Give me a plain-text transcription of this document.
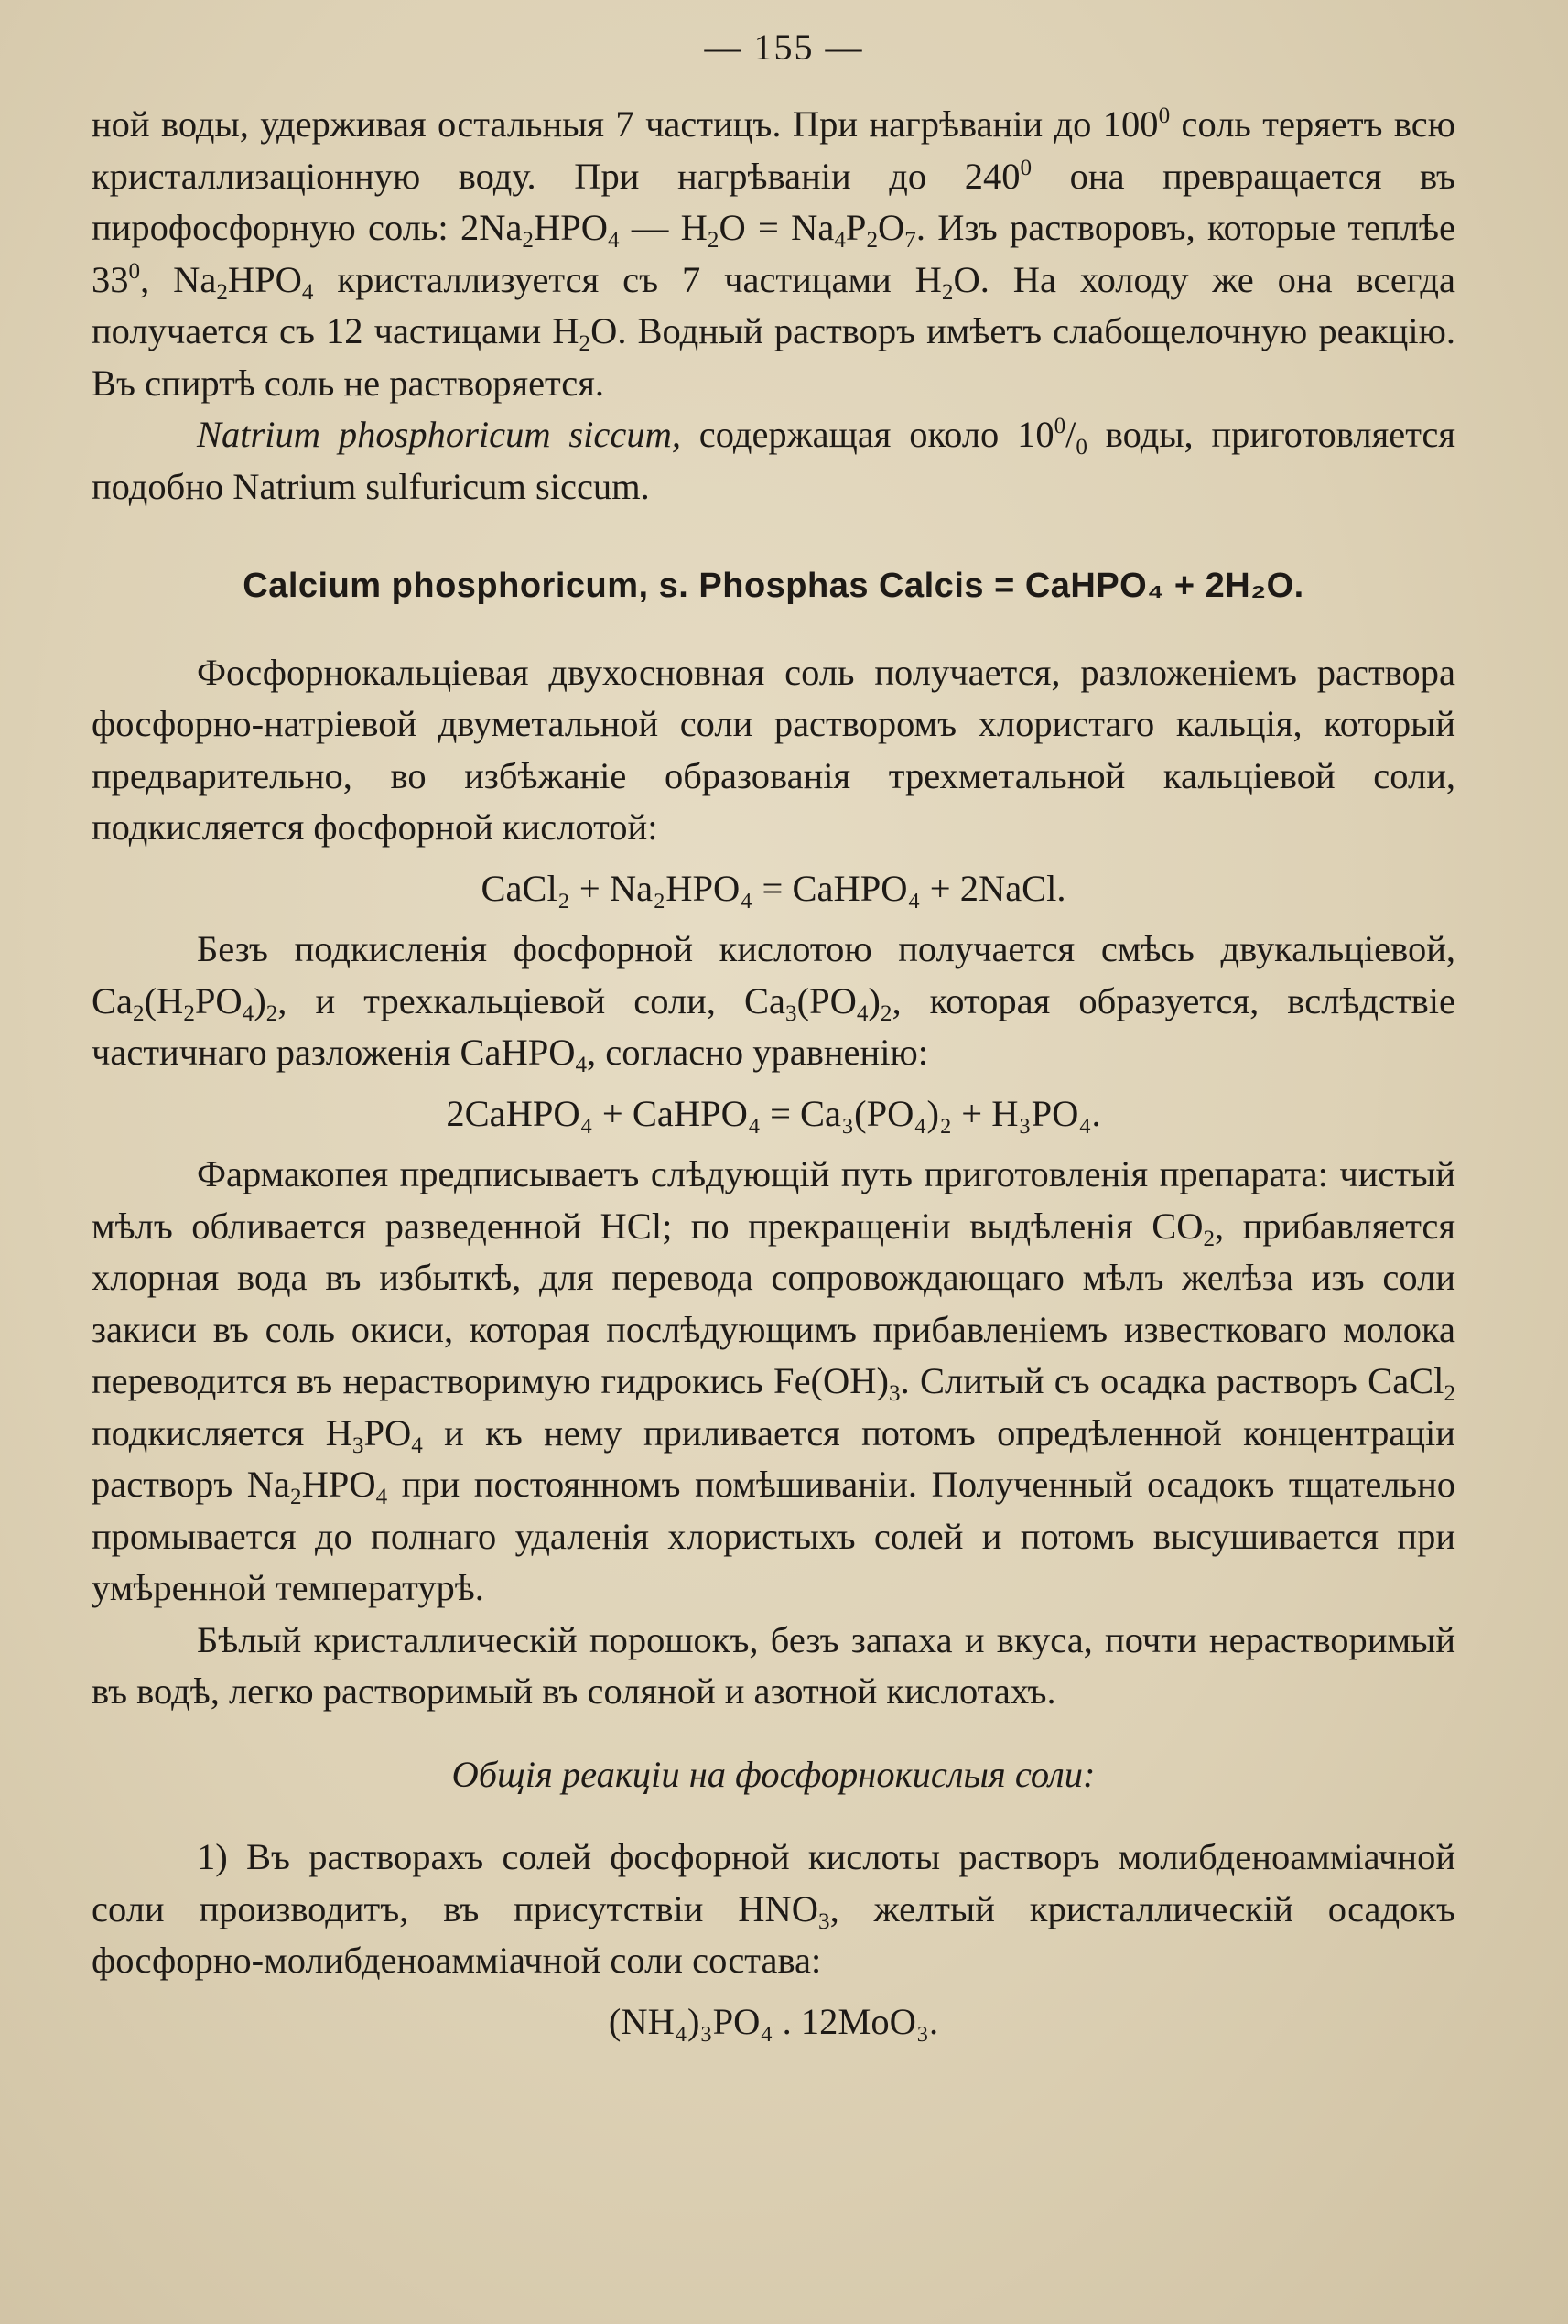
— 155 —

ной воды, удерживая остальныя 7 частицъ. При нагрѣваніи до $100^0$ соль теряетъ всю кристаллизаціонную воду. При нагрѣваніи до $240^0$ она превращается въ пирофосфорную соль: $2Na_2HPO_4$ — $H_2O = Na_4P_2O_7$. Изъ растворовъ, которые теплѣе $33^0$, $Na_2HPO_4$ кристаллизуется съ 7 частицами $H_2O$. На холоду же она всегда получается съ 12 частицами $H_2O$. Водный растворъ имѣетъ слабощелочную реакцію. Въ спиртѣ соль не растворяется.

Natrium phosphoricum siccum, содержащая около $10^0/_0$ воды, приготовляется подобно Natrium sulfuricum siccum.

Calcium phosphoricum, s. Phosphas Calcis = CaHPO₄ + 2H₂O.

Фосфорнокальціевая двухосновная соль получается, разложеніемъ раствора фосфорно-натріевой двуметальной соли растворомъ хлористаго кальція, который предварительно, во избѣжаніе образованія трехметальной кальціевой соли, подкисляется фосфорной кислотой:

CaCl₂ + Na₂HPO₄ = CaHPO₄ + 2NaCl.

Безъ подкисленія фосфорной кислотою получается смѣсь двукальціевой, $Ca_2(H_2PO_4)_2$, и трехкальціевой соли, $Ca_3(PO_4)_2$, которая образуется, вслѣдствіе частичнаго разложенія CaHPO$_4$, согласно уравненію:

2CaHPO₄ + CaHPO₄ = Ca₃(PO₄)₂ + H₃PO₄.

Фармакопея предписываетъ слѣдующій путь приготовленія препарата: чистый мѣлъ обливается разведенной HCl; по прекращеніи выдѣленія $CO_2$, прибавляется хлорная вода въ избыткѣ, для перевода сопровождающаго мѣлъ желѣза изъ соли закиси въ соль окиси, которая послѣдующимъ прибавленіемъ известковаго молока переводится въ нерастворимую гидрокись $Fe(OH)_3$. Слитый съ осадка растворъ CaCl$_2$ подкисляется $H_3PO_4$ и къ нему приливается потомъ опредѣленной концентраціи растворъ $Na_2HPO_4$ при постоянномъ помѣшиваніи. Полученный осадокъ тщательно промывается до полнаго удаленія хлористыхъ солей и потомъ высушивается при умѣренной температурѣ.

Бѣлый кристаллическій порошокъ, безъ запаха и вкуса, почти нерастворимый въ водѣ, легко растворимый въ соляной и азотной кислотахъ.

Общія реакціи на фосфорнокислыя соли:

1) Въ растворахъ солей фосфорной кислоты растворъ молибденоамміачной соли производитъ, въ присутствіи $HNO_3$, желтый кристаллическій осадокъ фосфорно-молибденоамміачной соли состава:

(NH₄)₃PO₄ . 12MoO₃.
